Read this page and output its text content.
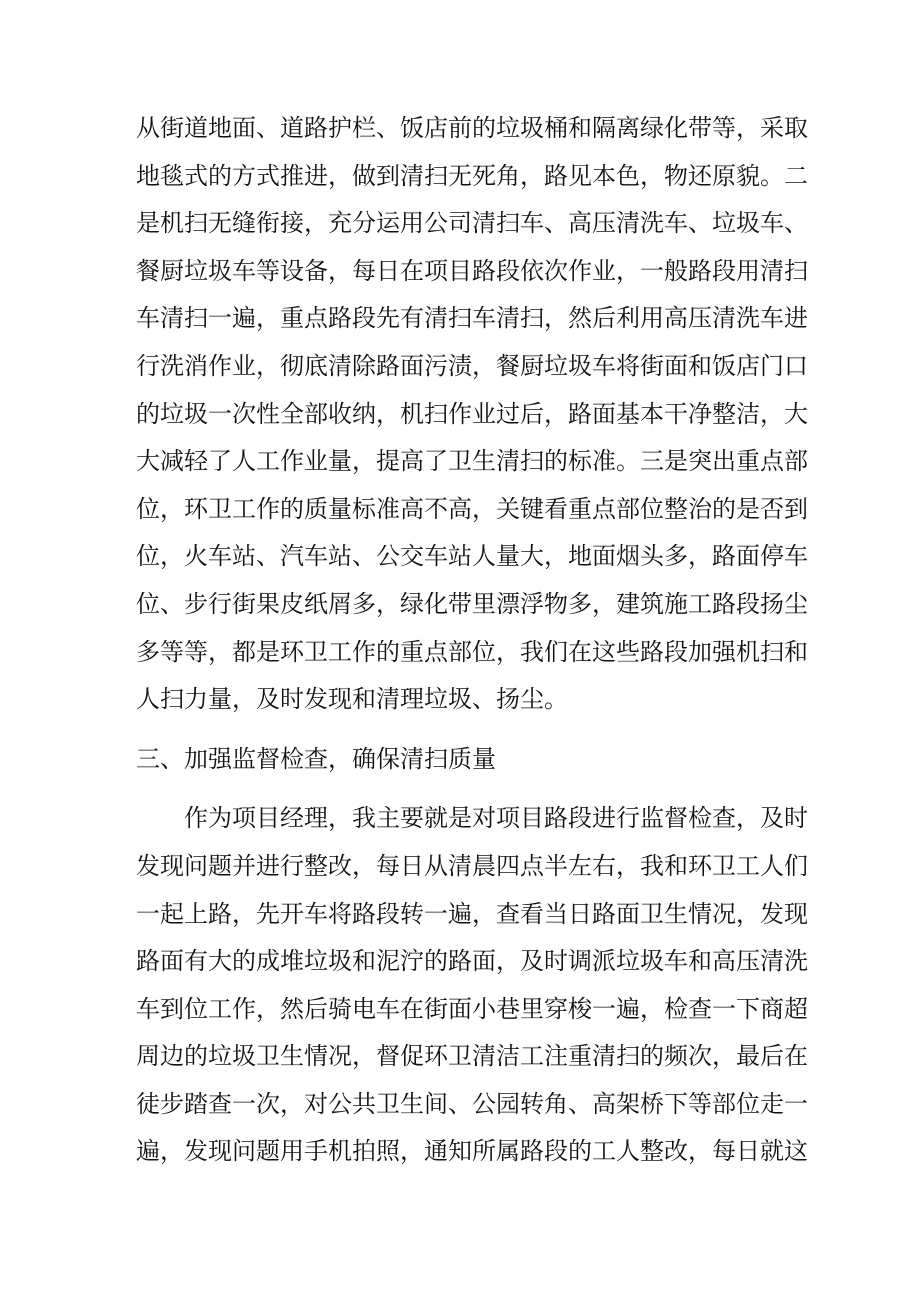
从街道地面、道路护栏、饭店前的垃圾桶和隔离绿化带等，采取
地毯式的方式推进，做到清扫无死角，路见本色，物还原貌。二
是机扫无缝衔接，充分运用公司清扫车、高压清洗车、垃圾车、
餐厨垃圾车等设备，每日在项目路段依次作业，一般路段用清扫
车清扫一遍，重点路段先有清扫车清扫，然后利用高压清洗车进
行洗消作业，彻底清除路面污渍，餐厨垃圾车将街面和饭店门口
的垃圾一次性全部收纳，机扫作业过后，路面基本干净整洁，大
大减轻了人工作业量，提高了卫生清扫的标准。三是突出重点部
位，环卫工作的质量标准高不高，关键看重点部位整治的是否到
位，火车站、汽车站、公交车站人量大，地面烟头多，路面停车
位、步行街果皮纸屑多，绿化带里漂浮物多，建筑施工路段扬尘
多等等，都是环卫工作的重点部位，我们在这些路段加强机扫和
人扫力量，及时发现和清理垃圾、扬尘。
三、加强监督检查，确保清扫质量
作为项目经理，我主要就是对项目路段进行监督检查，及时
发现问题并进行整改，每日从清晨四点半左右，我和环卫工人们
一起上路，先开车将路段转一遍，查看当日路面卫生情况，发现
路面有大的成堆垃圾和泥泞的路面，及时调派垃圾车和高压清洗
车到位工作，然后骑电车在街面小巷里穿梭一遍，检查一下商超
周边的垃圾卫生情况，督促环卫清洁工注重清扫的频次，最后在
徒步踏查一次，对公共卫生间、公园转角、高架桥下等部位走一
遍，发现问题用手机拍照，通知所属路段的工人整改，每日就这
